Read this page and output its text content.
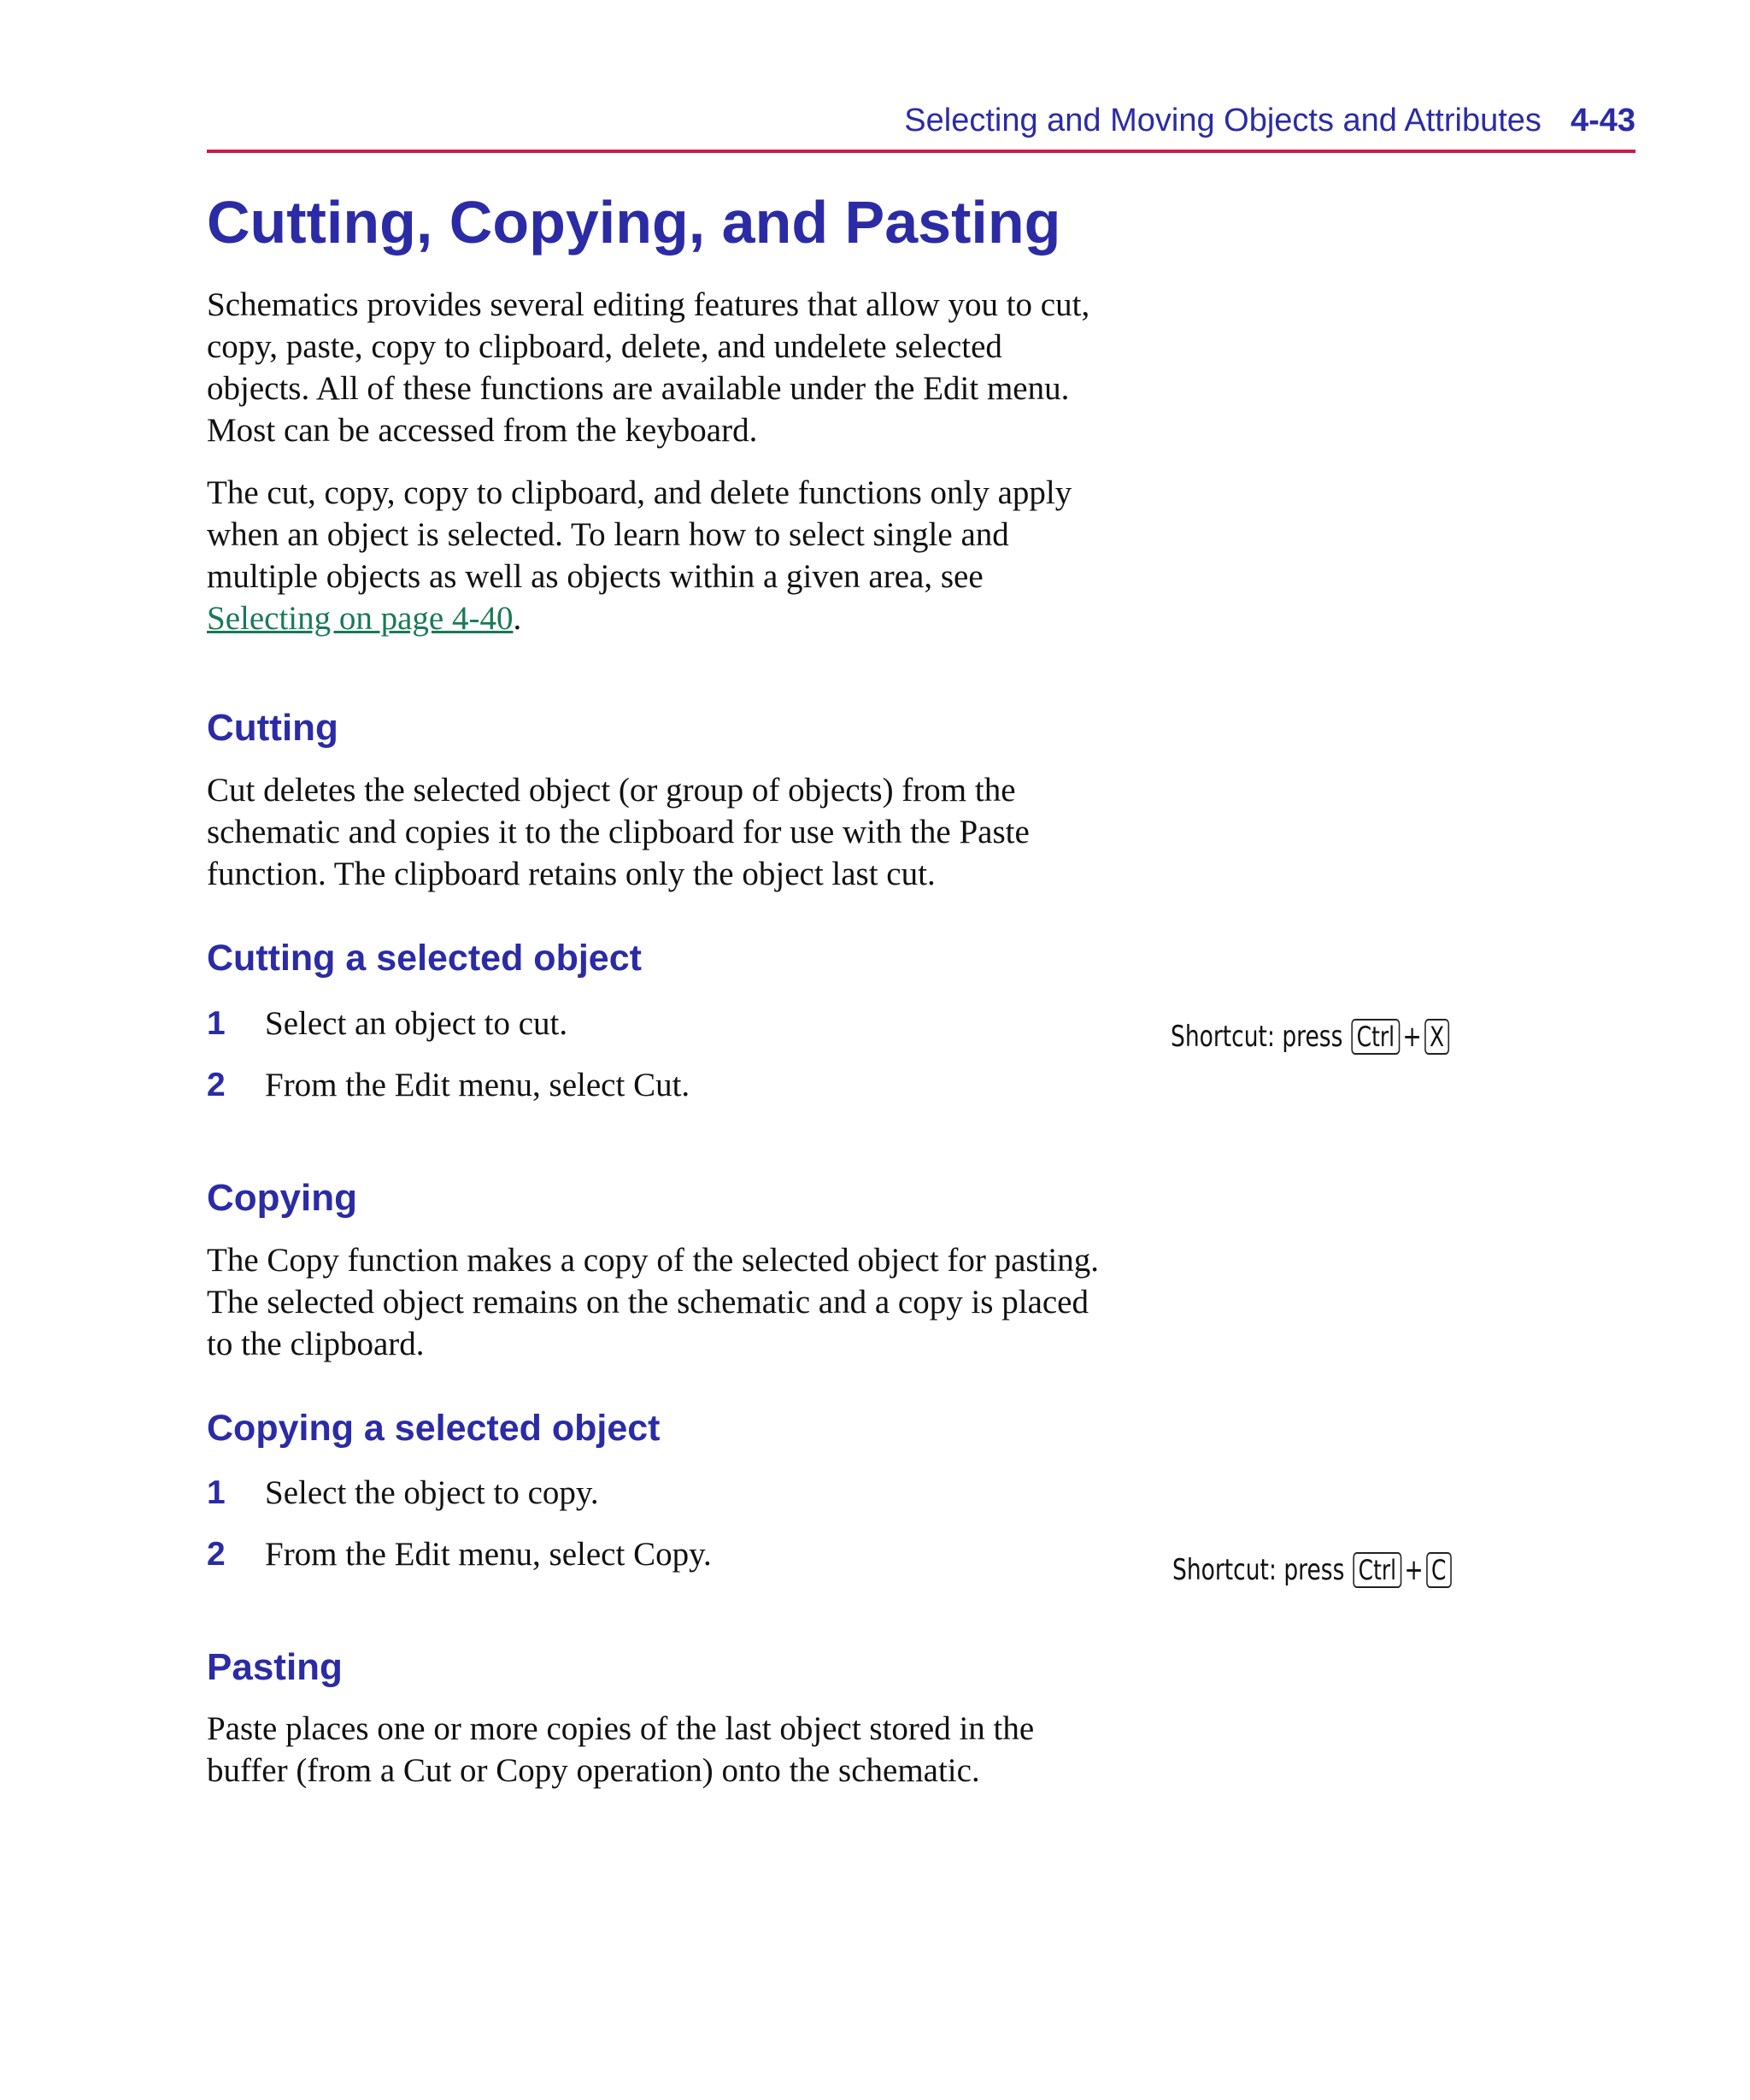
Selecting and Moving Objects and Attributes 4-43
Cutting, Copying, and Pasting

Schematics provides several editing features that allow you to cut, copy, paste, copy to clipboard, delete, and undelete selected objects. All of these functions are available under the Edit menu. Most can be accessed from the keyboard.

The cut, copy, copy to clipboard, and delete functions only apply when an object is selected. To learn how to select single and multiple objects as well as objects within a given area, see Selecting on page 4-40.

Cutting

Cut deletes the selected object (or group of objects) from the schematic and copies it to the clipboard for use with the Paste function. The clipboard retains only the object last cut.

Cutting a selected object
1 Select an object to cut.
2 From the Edit menu, select Cut.
Shortcut: press
Ctrl + X
Copying

The Copy function makes a copy of the selected object for pasting. The selected object remains on the schematic and a copy is placed to the clipboard.

Copying a selected object
1 Select the object to copy.
2 From the Edit menu, select Copy.	Shortcut: press
Ctrl + C
Pasting

Paste places one or more copies of the last object stored in the buffer (from a Cut or Copy operation) onto the schematic.
